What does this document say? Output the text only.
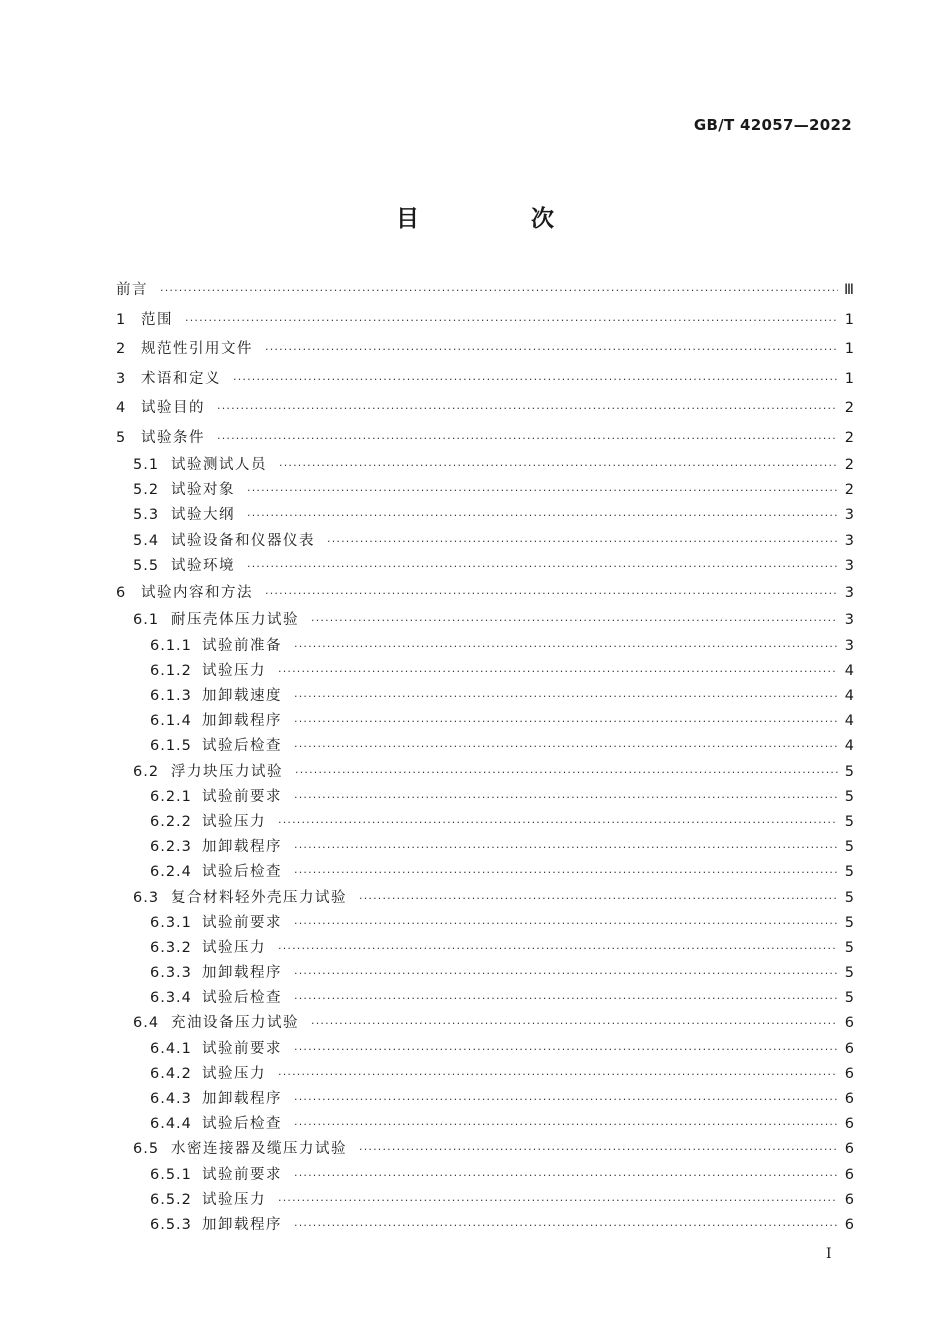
GB/T 42057—2022
目 次
前言 ·····	Ⅲ
1	范围 ·····	1
2	规范性引用文件 ·····	1
3	术语和定义 ·····	1
4	试验目的 ·····	2
5	试验条件 ·····	2
5.1 试验测试人员 ·····	2
5.2 试验对象 ·····	2
5.3 试验大纲 ·····	3
5.4 试验设备和仪器仪表 ·····	3
5.5 试验环境 ·····	3
6	试验内容和方法 ·····	3
6.1 耐压壳体压力试验 ·····	3
6.1.1 试验前准备 ·····	3
6.1.2 试验压力 ·····	4
6.1.3 加卸载速度 ·····	4
6.1.4 加卸载程序 ·····	4
6.1.5 试验后检查 ·····	4
6.2 浮力块压力试验 ·····	5
6.2.1 试验前要求 ·····	5
6.2.2 试验压力 ·····	5
6.2.3 加卸载程序 ·····	5
6.2.4 试验后检查 ·····	5
6.3 复合材料轻外壳压力试验 ·····	5
6.3.1 试验前要求 ·····	5
6.3.2 试验压力 ·····	5
6.3.3 加卸载程序 ·····	5
6.3.4 试验后检查 ·····	5
6.4 充油设备压力试验 ·····	6
6.4.1 试验前要求 ·····	6
6.4.2 试验压力 ·····	6
6.4.3 加卸载程序 ·····	6
6.4.4 试验后检查 ·····	6
6.5 水密连接器及缆压力试验 ·····	6
6.5.1 试验前要求 ·····	6
6.5.2 试验压力 ·····	6
6.5.3 加卸载程序 ·····	6
I
